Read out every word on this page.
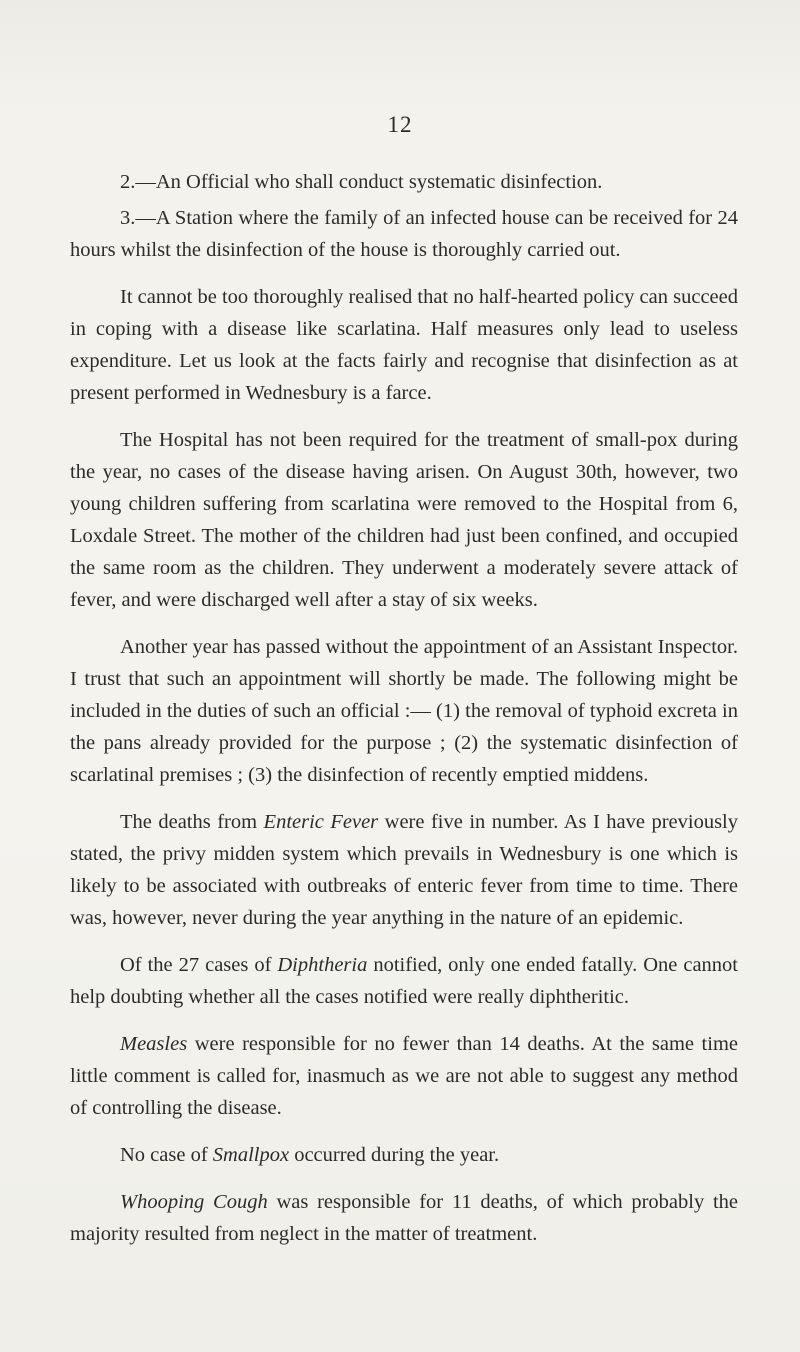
12

2.—An Official who shall conduct systematic disinfection.

3.—A Station where the family of an infected house can be received for 24 hours whilst the disinfection of the house is thoroughly carried out.

It cannot be too thoroughly realised that no half-hearted policy can succeed in coping with a disease like scarlatina. Half measures only lead to useless expenditure. Let us look at the facts fairly and recognise that disinfection as at present performed in Wednesbury is a farce.

The Hospital has not been required for the treatment of small-pox during the year, no cases of the disease having arisen. On August 30th, however, two young children suffering from scarlatina were removed to the Hospital from 6, Loxdale Street. The mother of the children had just been confined, and occupied the same room as the children. They underwent a moderately severe attack of fever, and were discharged well after a stay of six weeks.

Another year has passed without the appointment of an Assistant Inspector. I trust that such an appointment will shortly be made. The following might be included in the duties of such an official :— (1) the removal of typhoid excreta in the pans already provided for the purpose ; (2) the systematic disinfection of scarlatinal premises ; (3) the disinfection of recently emptied middens.

The deaths from Enteric Fever were five in number. As I have previously stated, the privy midden system which prevails in Wednesbury is one which is likely to be associated with outbreaks of enteric fever from time to time. There was, however, never during the year anything in the nature of an epidemic.

Of the 27 cases of Diphtheria notified, only one ended fatally. One cannot help doubting whether all the cases notified were really diphtheritic.

Measles were responsible for no fewer than 14 deaths. At the same time little comment is called for, inasmuch as we are not able to suggest any method of controlling the disease.

No case of Smallpox occurred during the year.

Whooping Cough was responsible for 11 deaths, of which probably the majority resulted from neglect in the matter of treatment.
